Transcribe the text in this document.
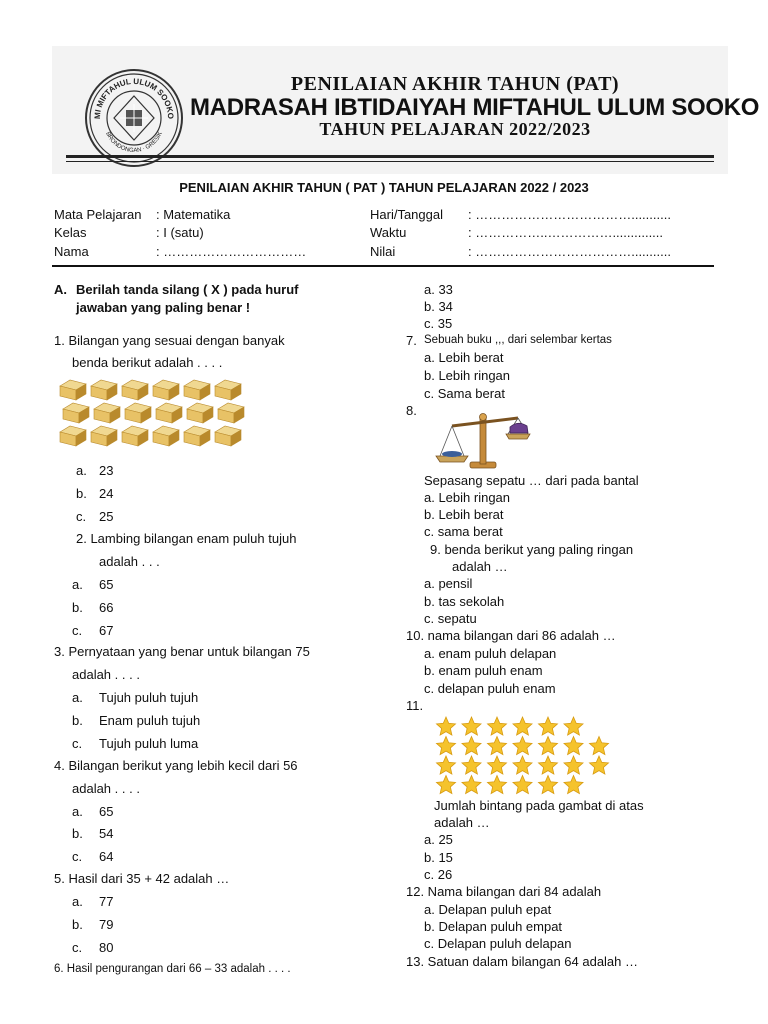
MI MIFTAHUL ULUM SOOKO
BRONDONGAN · GRESIK
PENILAIAN AKHIR TAHUN (PAT)
MADRASAH IBTIDAIYAH MIFTAHUL ULUM SOOKO
TAHUN PELAJARAN 2022/2023
PENILAIAN AKHIR TAHUN ( PAT ) TAHUN PELAJARAN 2022 / 2023
Mata Pelajaran : Matematika
Kelas	: I (satu)
Nama	: ……………………………
Hari/Tanggal : ………………………………...........
Waktu	: ……………..……………..............
Nilai	: ………………………………...........
A. Berilah tanda silang ( X ) pada huruf
jawaban yang paling benar !
1. Bilangan yang sesuai dengan banyak
benda berikut adalah . . . .
a. 23
b. 24
c. 25
2. Lambing bilangan enam puluh tujuh
adalah . . .
a. 65
b. 66
c. 67
3. Pernyataan yang benar untuk bilangan 75
adalah . . . .
a. Tujuh puluh tujuh
b. Enam puluh tujuh
c. Tujuh puluh luma
4. Bilangan berikut yang lebih kecil dari 56
adalah . . . .
a. 65
b. 54
c. 64
5. Hasil dari 35 + 42 adalah …
a. 77
b. 79
c. 80
6. Hasil pengurangan dari 66 – 33 adalah . . . .
a. 33
b. 34
c. 35
7. Sebuah buku ,,, dari selembar kertas
a. Lebih berat
b. Lebih ringan
c. Sama berat
8.
Sepasang sepatu … dari pada bantal
a. Lebih ringan
b. Lebih berat
c. sama berat
9. benda berikut yang paling ringan
adalah …
a. pensil
b. tas sekolah
c. sepatu
10. nama bilangan dari 86 adalah …
a. enam puluh delapan
b. enam puluh enam
c. delapan puluh enam
11.
Jumlah bintang pada gambat di atas
adalah …
a. 25
b. 15
c. 26
12. Nama bilangan dari 84 adalah
a. Delapan puluh epat
b. Delapan puluh empat
c. Delapan puluh delapan
13. Satuan dalam bilangan 64 adalah …
